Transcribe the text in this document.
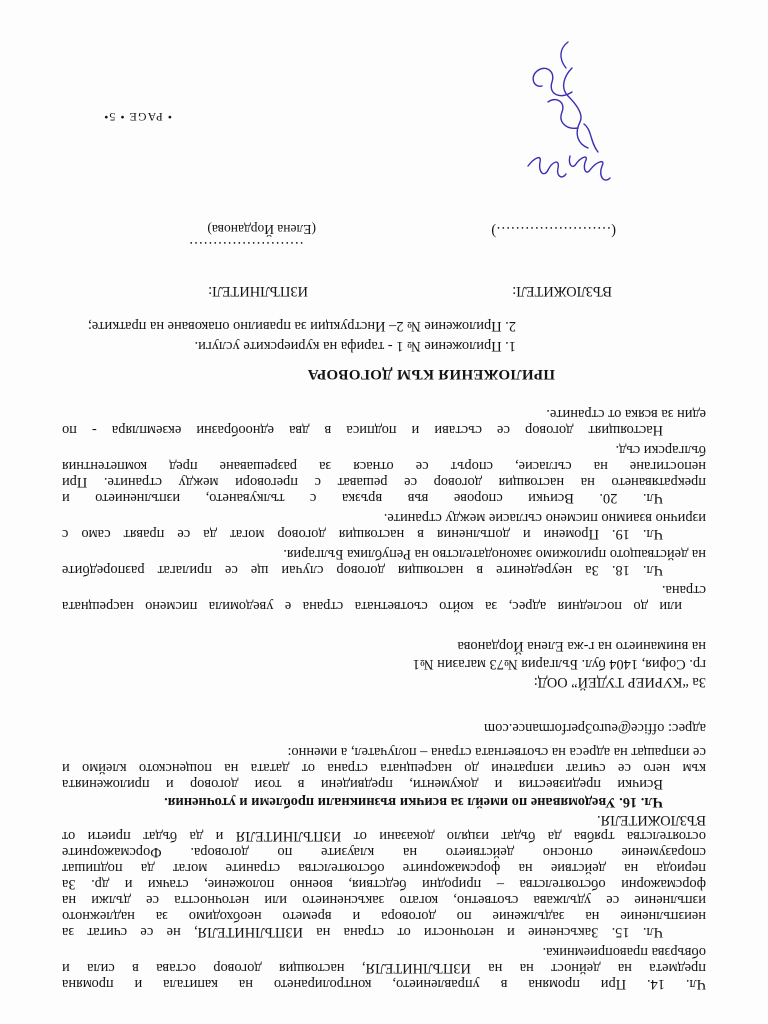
Чл. 14. При промяна в управлението, контролирането на капитала и промяна

предмета на дейност на на ИЗПЪЛНИТЕЛЯ, настоящия договор остава в сила и

обвързва правоприемника.

Чл. 15. Закъснение и неточности от страна на ИЗПЪЛНИТЕЛЯ, не се считат за

неизпълнение на задължение по договора и времето необходимо за надлежното

изпълнение се удължава съответно, когато закъснението или неточността се дължи на

форсмажорни обстоятелства – природни бедствия, военно положение, стачки и др. За

периода на действие на форсмажорните обстоятелства страните могат да подпишат

споразумение относно действието на клаузите по договора. Форсмажорните

остоятелства трябва да бъдат изцяло доказани от ИЗПЪЛНИТЕЛЯ и да бъдат приети от

ВЪЗЛОЖИТЕЛЯ.

Чл. 16. Уведомяване по имейл за всички възникнали проблеми и уточнения.

Всички предизвестия и документи, предвидени в този договор и приложенията

към него се считат изпратени до насрещната страна от датата на пощенското клеймо и

се изпращат на адреса на съответната страна – получател, а именно:

адрес: office@euro3performance.com

За “КУРИЕР ТУДЕЙ” ООД:

гр. София, 1404 бул. България №73 магазин №1

на вниманието на г-жа Елена Йорданова

или до последния адрес, за който съответната страна е уведомила писмено насрещната

страна.

Чл. 18. За неуредените в настоящия договор случаи ще се прилагат разпоредбите

на действащото приложимо законодателство на Република България.

Чл. 19. Промени и допълнения в настоящия договор могат да се правят само с

изрично взаимно писмено съгласие между страните.

Чл. 20. Всички спорове във връзка с тълкуването, изпълнението и

прекратяването на настоящия договор се решават с преговори между страните. При

непостигане на съгласие, спорът се отнася за разрешаване пред компетентния

български съд.

Настоящият договор се състави и подписа в два еднообразни екземпляра - по

един за всяка от страните.

ПРИЛОЖЕНИЯ КЪМ ДОГОВОРА

1. Приложение № 1 - тарифа на куриерските услуги.

2. Приложение № 2– Инструкции за правилно опаковане на пратките;

ВЪЗЛОЖИТЕЛ:

ИЗПЪЛНИТЕЛ:

(……………………)

……………………

(Елена Йорданова)

• PAGE • 5•
